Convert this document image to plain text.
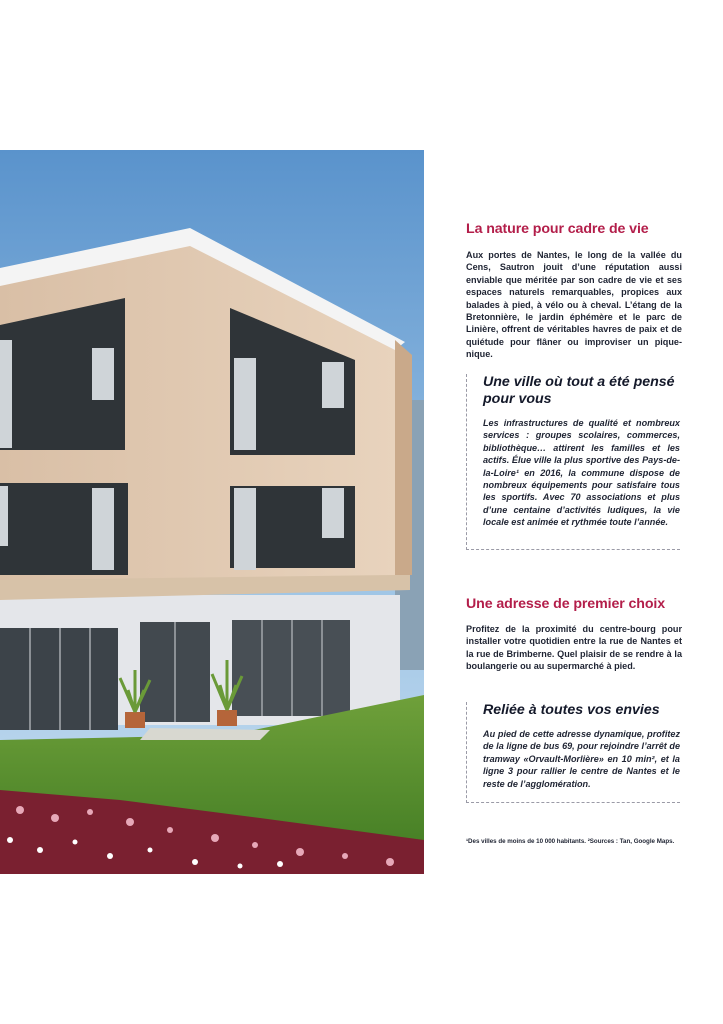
La nature pour cadre de vie

Aux portes de Nantes, le long de la vallée du Cens, Sautron jouit d’une réputation aussi enviable que méritée par son cadre de vie et ses espaces naturels remarquables, propices aux balades à pied, à vélo ou à cheval. L’étang de la Bretonnière, le jardin éphémère et le parc de Linière, offrent de véritables havres de paix et de quiétude pour flâner ou improviser un pique-nique.

Une ville où tout a été pensé

pour vous

Les infrastructures de qualité et nombreux services : groupes scolaires, commerces, bibliothèque… attirent les familles et les actifs. Élue ville la plus sportive des Pays-de-la-Loire¹ en 2016, la commune dispose de nombreux équipements pour satisfaire tous les sportifs. Avec 70 associations et plus d’une centaine d’activités ludiques, la vie locale est animée et rythmée toute l’année.

Une adresse de premier choix

Profitez de la proximité du centre-bourg pour installer votre quotidien entre la rue de Nantes et la rue de Brimberne. Quel plaisir de se rendre à la boulangerie ou au supermarché à pied.

Reliée à toutes vos envies

Au pied de cette adresse dynamique, profitez de la ligne de bus 69, pour rejoindre l’arrêt de tramway «Orvault-Morlière» en 10 min², et la ligne 3 pour rallier le centre de Nantes et le reste de l’agglomération.

¹Des villes de moins de 10 000 habitants. ²Sources : Tan, Google Maps.
